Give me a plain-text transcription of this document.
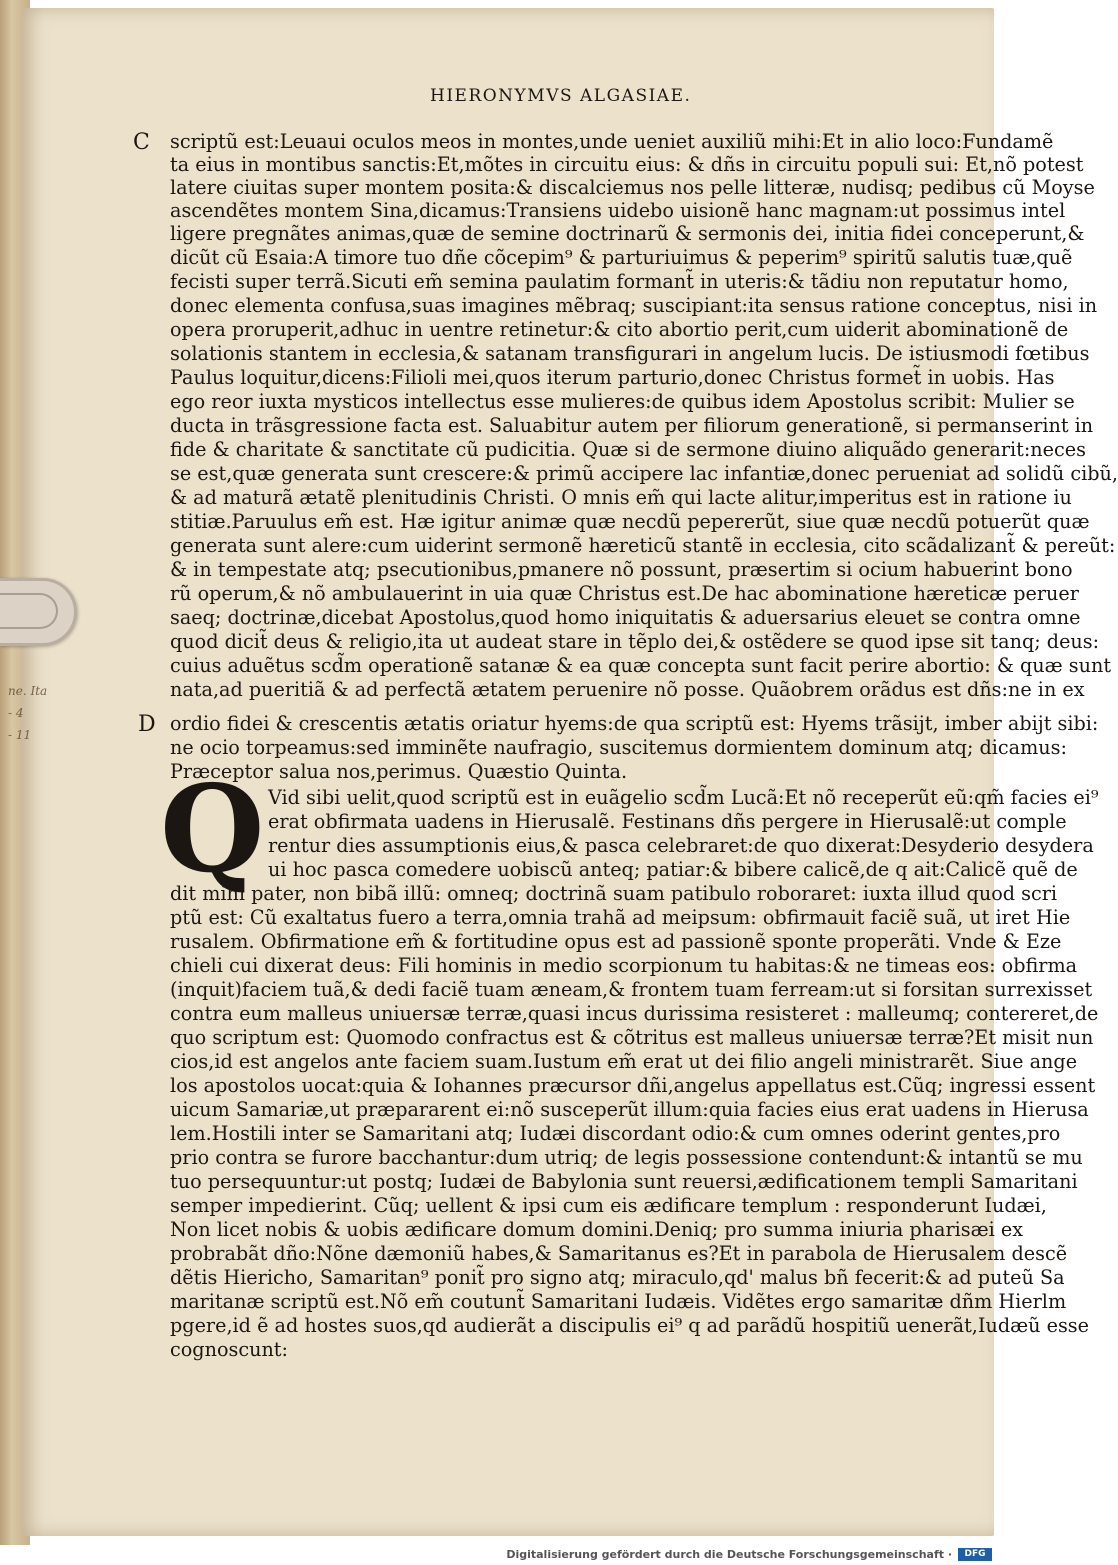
ne. Ita
- 4
- 11
HIERONYMVS ALGASIAE.
C
D
Q
scriptũ est:Leuaui oculos meos in montes,unde ueniet auxiliũ mihi:Et in alio loco:Fundamẽ
ta eius in montibus sanctis:Et,mõtes in circuitu eius: & dñs in circuitu populi sui: Et,nõ potest
latere ciuitas super montem posita:& discalciemus nos pelle litteræ, nudisq; pedibus cũ Moyse
ascendẽtes montem Sina,dicamus:Transiens uidebo uisionẽ hanc magnam:ut possimus intel
ligere pregnãtes animas,quæ de semine doctrinarũ & sermonis dei, initia fidei conceperunt,&
dicũt cũ Esaia:A timore tuo dñe cõcepim⁹ & parturiuimus & peperim⁹ spiritũ salutis tuæ,quẽ
fecisti super terrã.Sicuti em̃ semina paulatim formant̃ in uteris:& tãdiu non reputatur homo,
donec elementa confusa,suas imagines mẽbraq; suscipiant:ita sensus ratione conceptus, nisi in
opera proruperit,adhuc in uentre retinetur:& cito abortio perit,cum uiderit abominationẽ de
solationis stantem in ecclesia,& satanam transfigurari in angelum lucis. De istiusmodi fœtibus
Paulus loquitur,dicens:Filioli mei,quos iterum parturio,donec Christus formet̃ in uobis. Has
ego reor iuxta mysticos intellectus esse mulieres:de quibus idem Apostolus scribit: Mulier se
ducta in trãsgressione facta est. Saluabitur autem per filiorum generationẽ, si permanserint in
fide & charitate & sanctitate cũ pudicitia. Quæ si de sermone diuino aliquãdo generarit:neces
se est,quæ generata sunt crescere:& primũ accipere lac infantiæ,donec perueniat ad solidũ cibũ,
& ad maturã ætatẽ plenitudinis Christi. O mnis em̃ qui lacte alitur,imperitus est in ratione iu
stitiæ.Paruulus em̃ est. Hæ igitur animæ quæ necdũ pepererũt, siue quæ necdũ potuerũt quæ
generata sunt alere:cum uiderint sermonẽ hæreticũ stantẽ in ecclesia, cito scãdalizant̃ & pereũt:
& in tempestate atq; psecutionibus,pmanere nõ possunt, præsertim si ocium habuerint bono
rũ operum,& nõ ambulauerint in uia quæ Christus est.De hac abominatione hæreticæ peruer
saeq; doctrinæ,dicebat Apostolus,quod homo iniquitatis & aduersarius eleuet se contra omne
quod dicit̃ deus & religio,ita ut audeat stare in tẽplo dei,& ostẽdere se quod ipse sit tanq; deus:
cuius aduẽtus scd̃m operationẽ satanæ & ea quæ concepta sunt facit perire abortio: & quæ sunt
nata,ad pueritiã & ad perfectã ætatem peruenire nõ posse. Quãobrem orãdus est dñs:ne in ex
ordio fidei & crescentis ætatis oriatur hyems:de qua scriptũ est: Hyems trãsijt, imber abijt sibi:
ne ocio torpeamus:sed imminẽte naufragio, suscitemus dormientem dominum atq; dicamus:
Præceptor salua nos,perimus. Quæstio Quinta.
Vid sibi uelit,quod scriptũ est in euãgelio scd̃m Lucã:Et nõ receperũt eũ:qm̃ facies ei⁹
erat obfirmata uadens in Hierusalẽ. Festinans dñs pergere in Hierusalẽ:ut comple
rentur dies assumptionis eius,& pasca celebraret:de quo dixerat:Desyderio desydera
ui hoc pasca comedere uobiscũ anteq; patiar:& bibere calicẽ,de q ait:Calicẽ quẽ de
dit mihi pater, non bibã illũ: omneq; doctrinã suam patibulo roboraret: iuxta illud quod scri
ptũ est: Cũ exaltatus fuero a terra,omnia trahã ad meipsum: obfirmauit faciẽ suã, ut iret Hie
rusalem. Obfirmatione em̃ & fortitudine opus est ad passionẽ sponte properãti. Vnde & Eze
chieli cui dixerat deus: Fili hominis in medio scorpionum tu habitas:& ne timeas eos: obfirma
(inquit)faciem tuã,& dedi faciẽ tuam æneam,& frontem tuam ferream:ut si forsitan surrexisset
contra eum malleus uniuersæ terræ,quasi incus durissima resisteret : malleumq; contereret,de
quo scriptum est: Quomodo confractus est & cõtritus est malleus uniuersæ terræ?Et misit nun
cios,id est angelos ante faciem suam.Iustum em̃ erat ut dei filio angeli ministrarẽt. Siue ange
los apostolos uocat:quia & Iohannes præcursor dñi,angelus appellatus est.Cũq; ingressi essent
uicum Samariæ,ut præpararent ei:nõ susceperũt illum:quia facies eius erat uadens in Hierusa
lem.Hostili inter se Samaritani atq; Iudæi discordant odio:& cum omnes oderint gentes,pro
prio contra se furore bacchantur:dum utriq; de legis possessione contendunt:& intantũ se mu
tuo persequuntur:ut postq; Iudæi de Babylonia sunt reuersi,ædificationem templi Samaritani
semper impedierint. Cũq; uellent & ipsi cum eis ædificare templum : responderunt Iudæi,
Non licet nobis & uobis ædificare domum domini.Deniq; pro summa iniuria pharisæi ex
probrabãt dño:Nõne dæmoniũ habes,& Samaritanus es?Et in parabola de Hierusalem descẽ
dẽtis Hiericho, Samaritan⁹ ponit̃ pro signo atq; miraculo,qd' malus bñ fecerit:& ad puteũ Sa
maritanæ scriptũ est.Nõ em̃ coutunt̃ Samaritani Iudæis. Vidẽtes ergo samaritæ dñm Hierlm
pgere,id ẽ ad hostes suos,qd audierãt a discipulis ei⁹ q ad parãdũ hospitiũ uenerãt,Iudæũ esse
cognoscunt:
Digitalisierung gefördert durch die Deutsche Forschungsgemeinschaft ·	DFG
